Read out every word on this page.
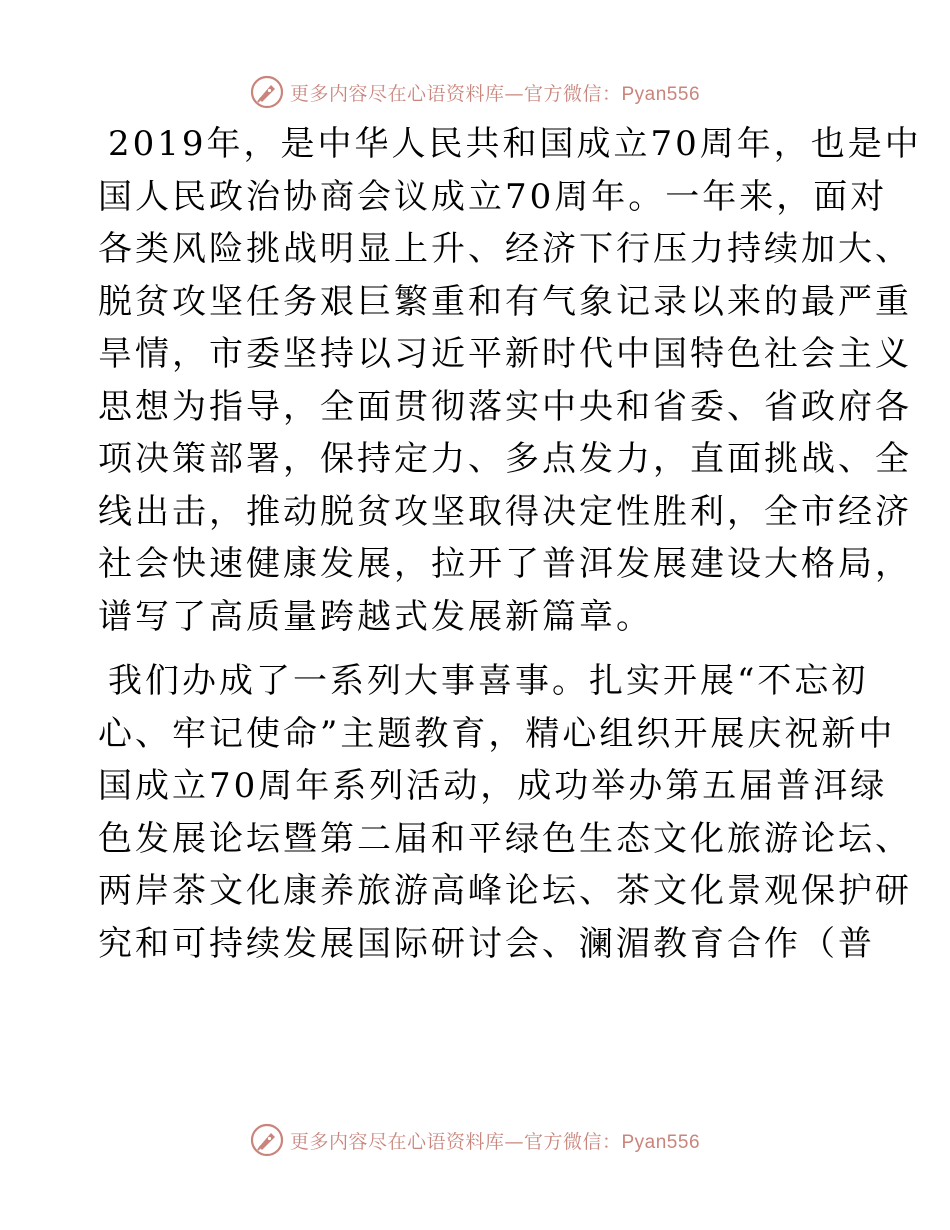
更多内容尽在心语资料库—官方微信：Pyan556

2019年，是中华人民共和国成立70周年，也是中
国人民政治协商会议成立70周年。一年来，面对
各类风险挑战明显上升、经济下行压力持续加大、
脱贫攻坚任务艰巨繁重和有气象记录以来的最严重
旱情，市委坚持以习近平新时代中国特色社会主义
思想为指导，全面贯彻落实中央和省委、省政府各
项决策部署，保持定力、多点发力，直面挑战、全
线出击，推动脱贫攻坚取得决定性胜利，全市经济
社会快速健康发展，拉开了普洱发展建设大格局，
谱写了高质量跨越式发展新篇章。

我们办成了一系列大事喜事。扎实开展“不忘初
心、牢记使命”主题教育，精心组织开展庆祝新中
国成立70周年系列活动，成功举办第五届普洱绿
色发展论坛暨第二届和平绿色生态文化旅游论坛、
两岸茶文化康养旅游高峰论坛、茶文化景观保护研
究和可持续发展国际研讨会、澜湄教育合作（普

更多内容尽在心语资料库—官方微信：Pyan556
